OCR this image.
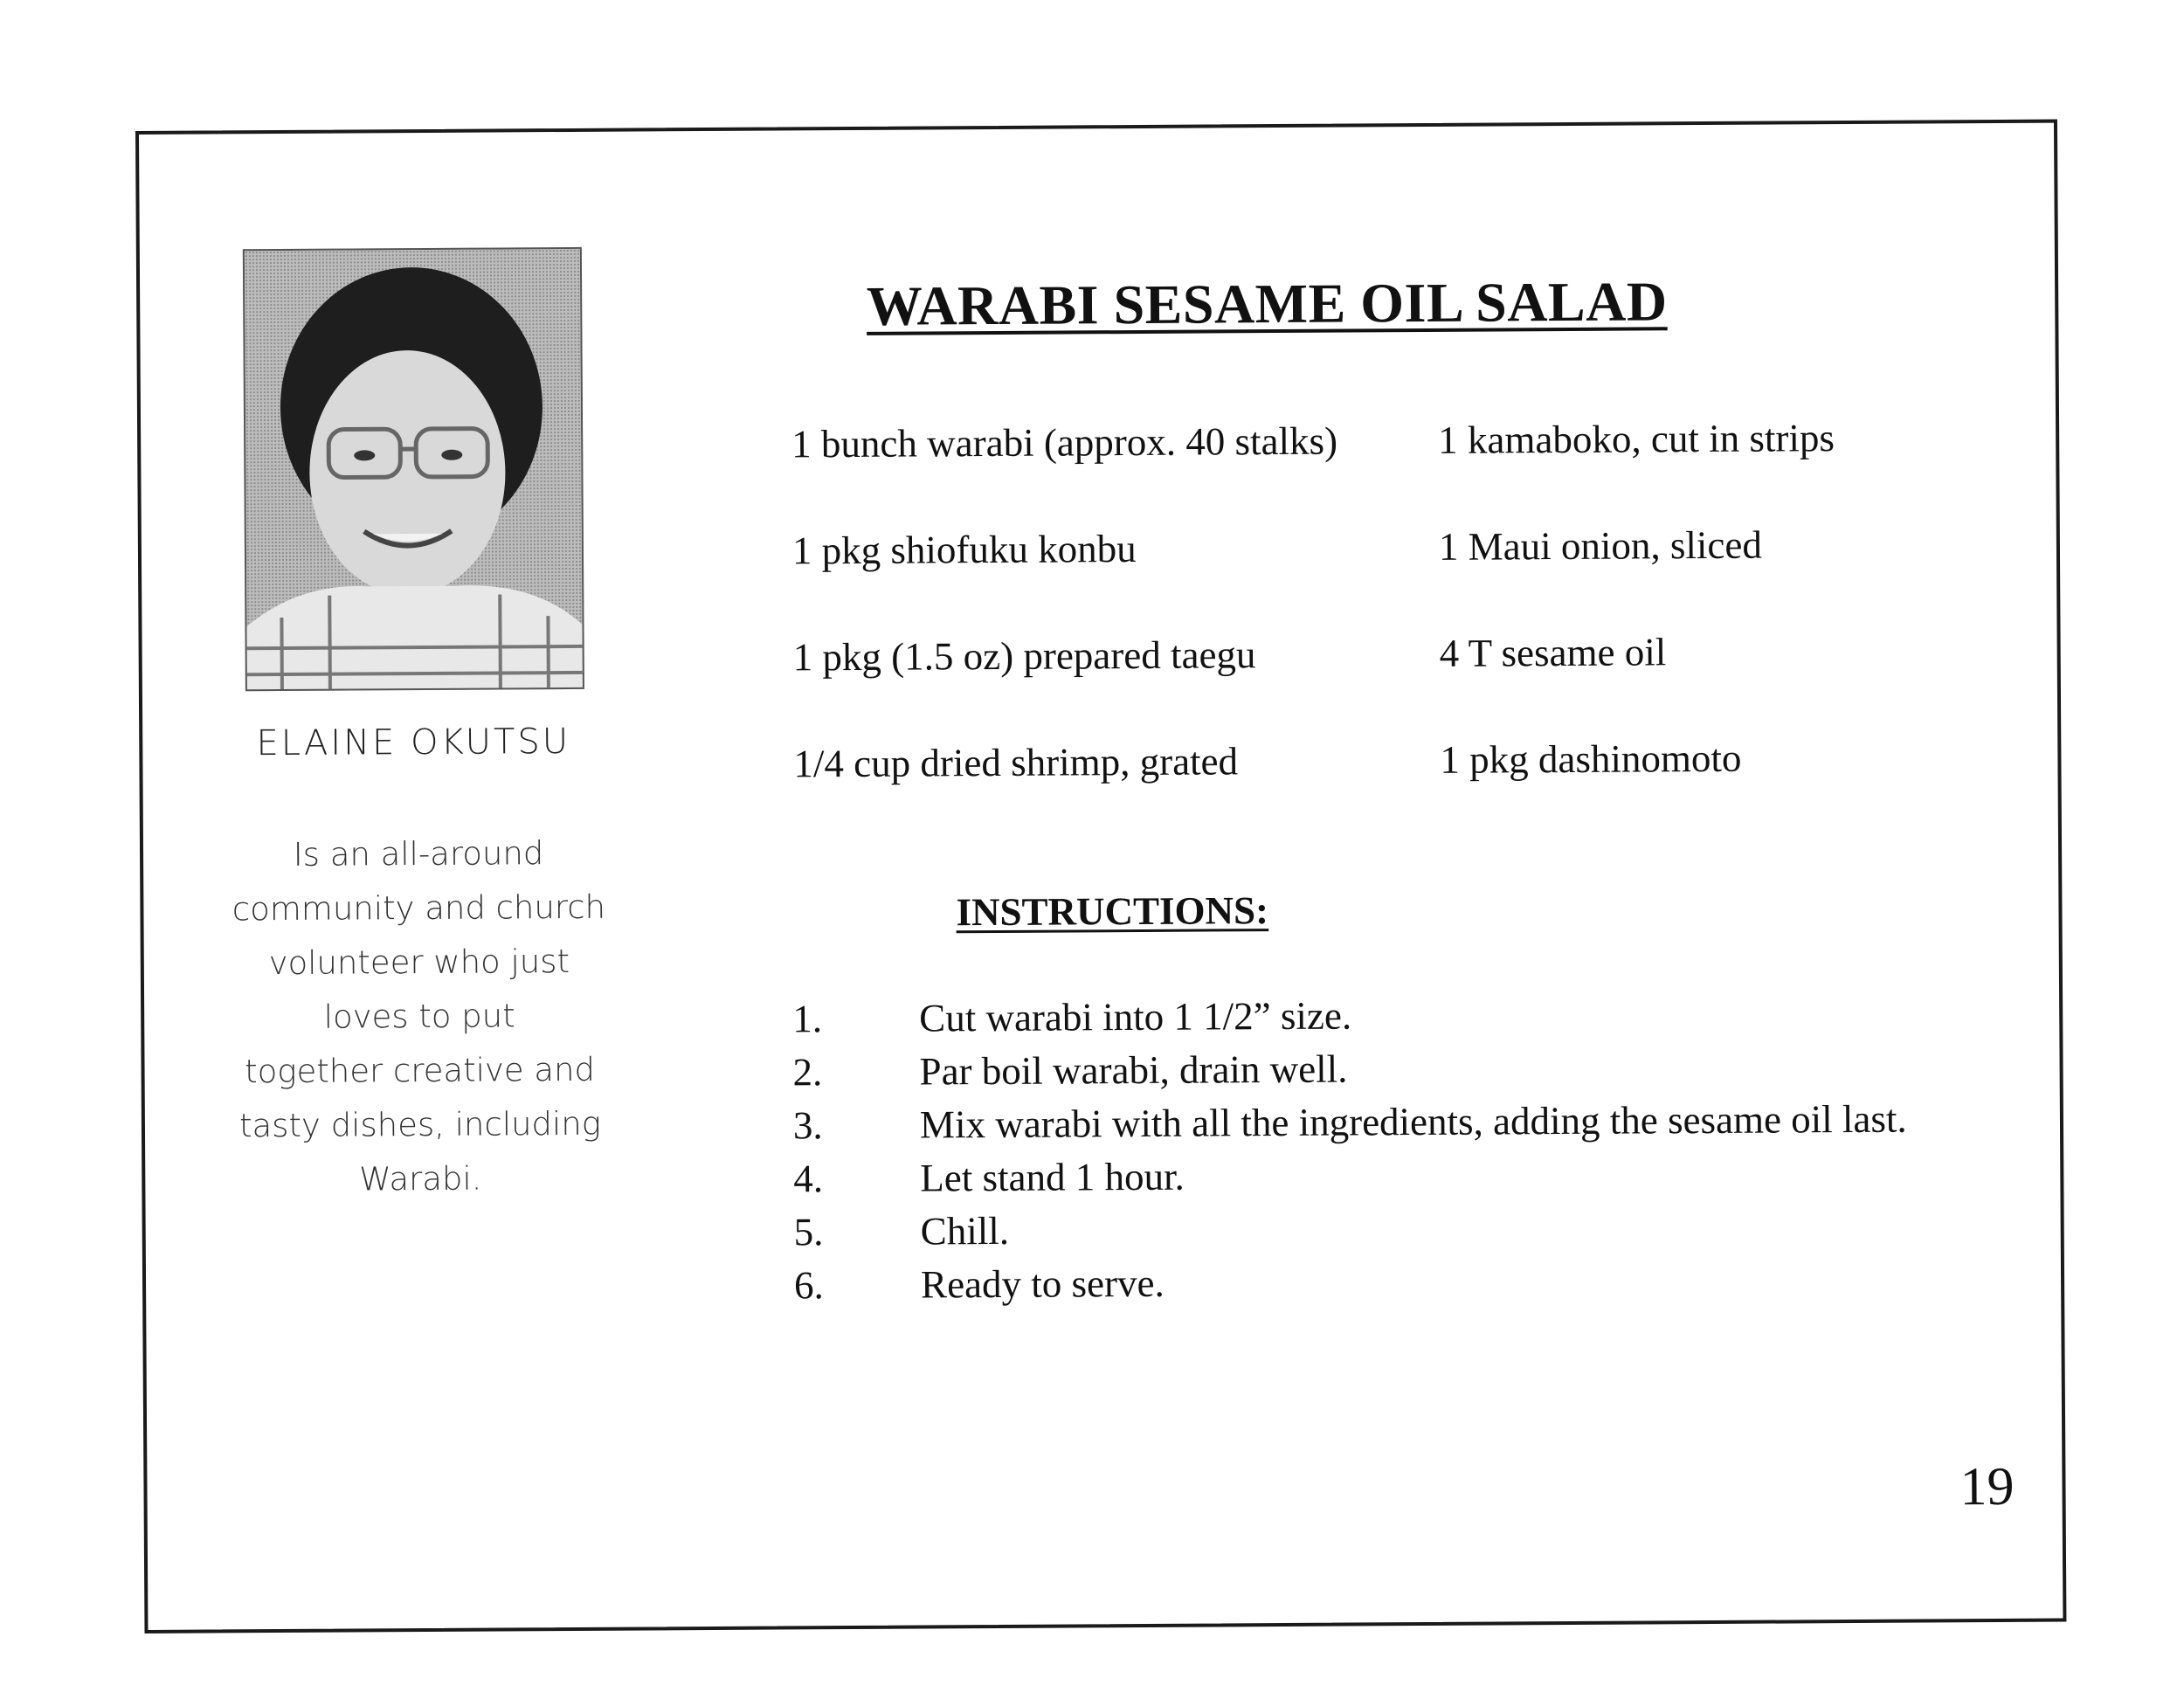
ELAINE OKUTSU
Is an all-around
community and church
volunteer who just
loves to put
together creative and
tasty dishes, including
Warabi.
WARABI SESAME OIL SALAD
1 bunch warabi (approx. 40 stalks)	1 kamaboko, cut in strips
1 pkg shiofuku konbu	1 Maui onion, sliced
1 pkg (1.5 oz) prepared taegu	4 T sesame oil
1/4 cup dried shrimp, grated	1 pkg dashinomoto
INSTRUCTIONS:
1.	Cut warabi into 1 1/2” size.
2.	Par boil warabi, drain well.
3.	Mix warabi with all the ingredients, adding the sesame oil last.
4.	Let stand 1 hour.
5.	Chill.
6.	Ready to serve.
19
